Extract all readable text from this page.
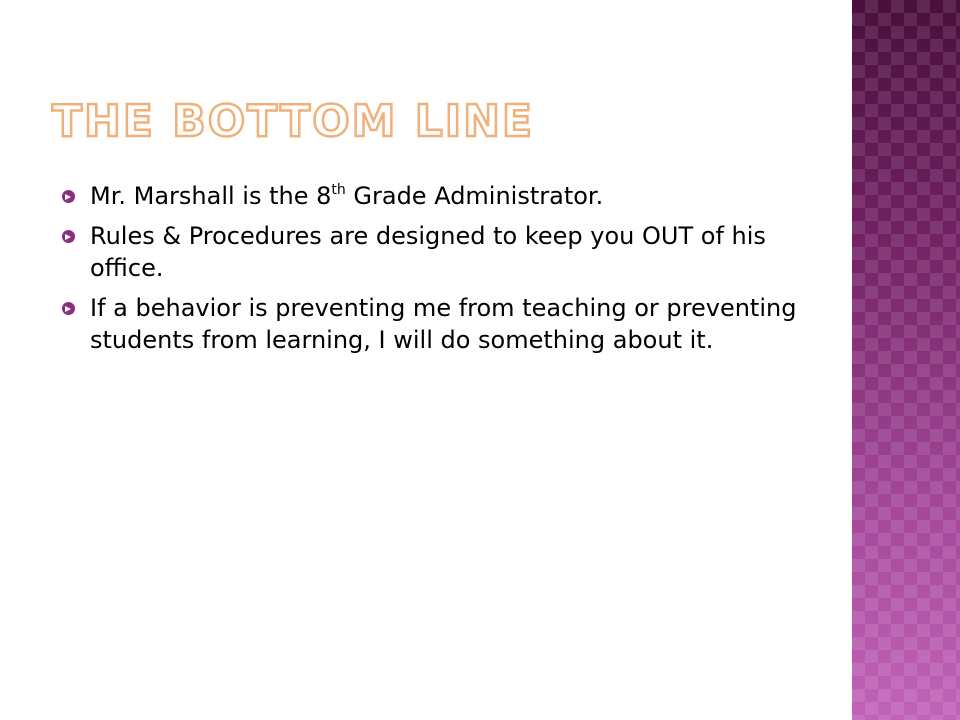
THE BOTTOM LINE
Mr. Marshall is the 8th Grade Administrator.
Rules & Procedures are designed to keep you OUT of his office.
If a behavior is preventing me from teaching or preventing students from learning, I will do something about it.
